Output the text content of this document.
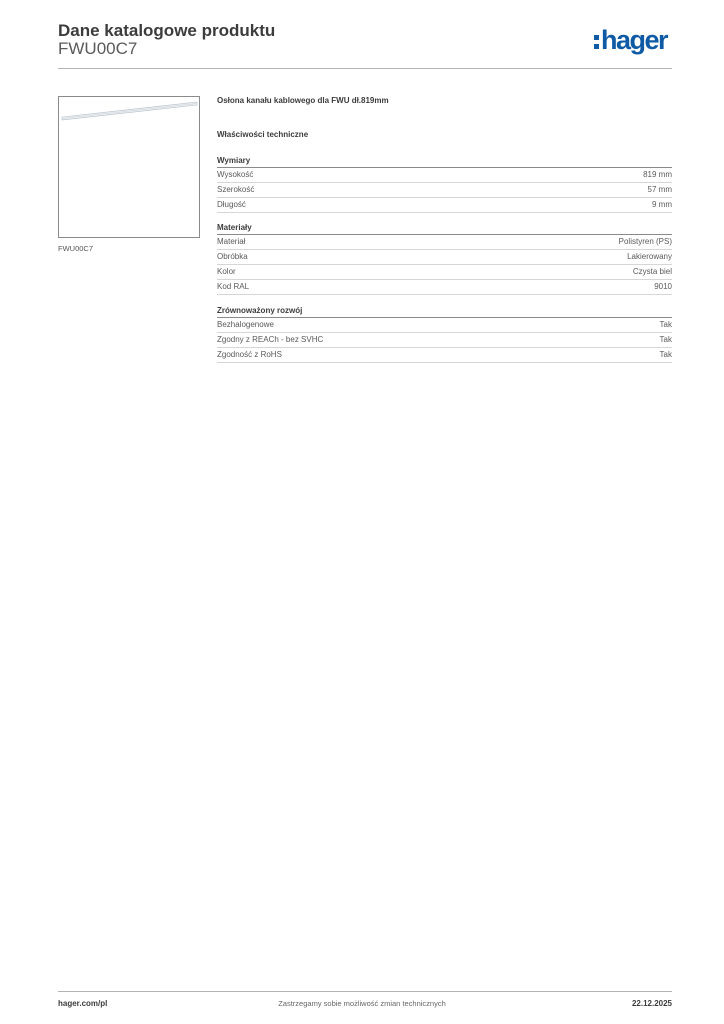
Dane katalogowe produktu
FWU00C7	hager
FWU00C7
Osłona kanału kablowego dla FWU dł.819mm
Właściwości techniczne
Wymiary
Wysokość	819 mm
Szerokość	57 mm
Długość	9 mm
Materiały
Materiał	Polistyren (PS)
Obróbka	Lakierowany
Kolor	Czysta biel
Kod RAL	9010
Zrównoważony rozwój
Bezhalogenowe	Tak
Zgodny z REACh - bez SVHC	Tak
Zgodność z RoHS	Tak
hager.com/pl	Zastrzegamy sobie możliwość zmian technicznych	22.12.2025
